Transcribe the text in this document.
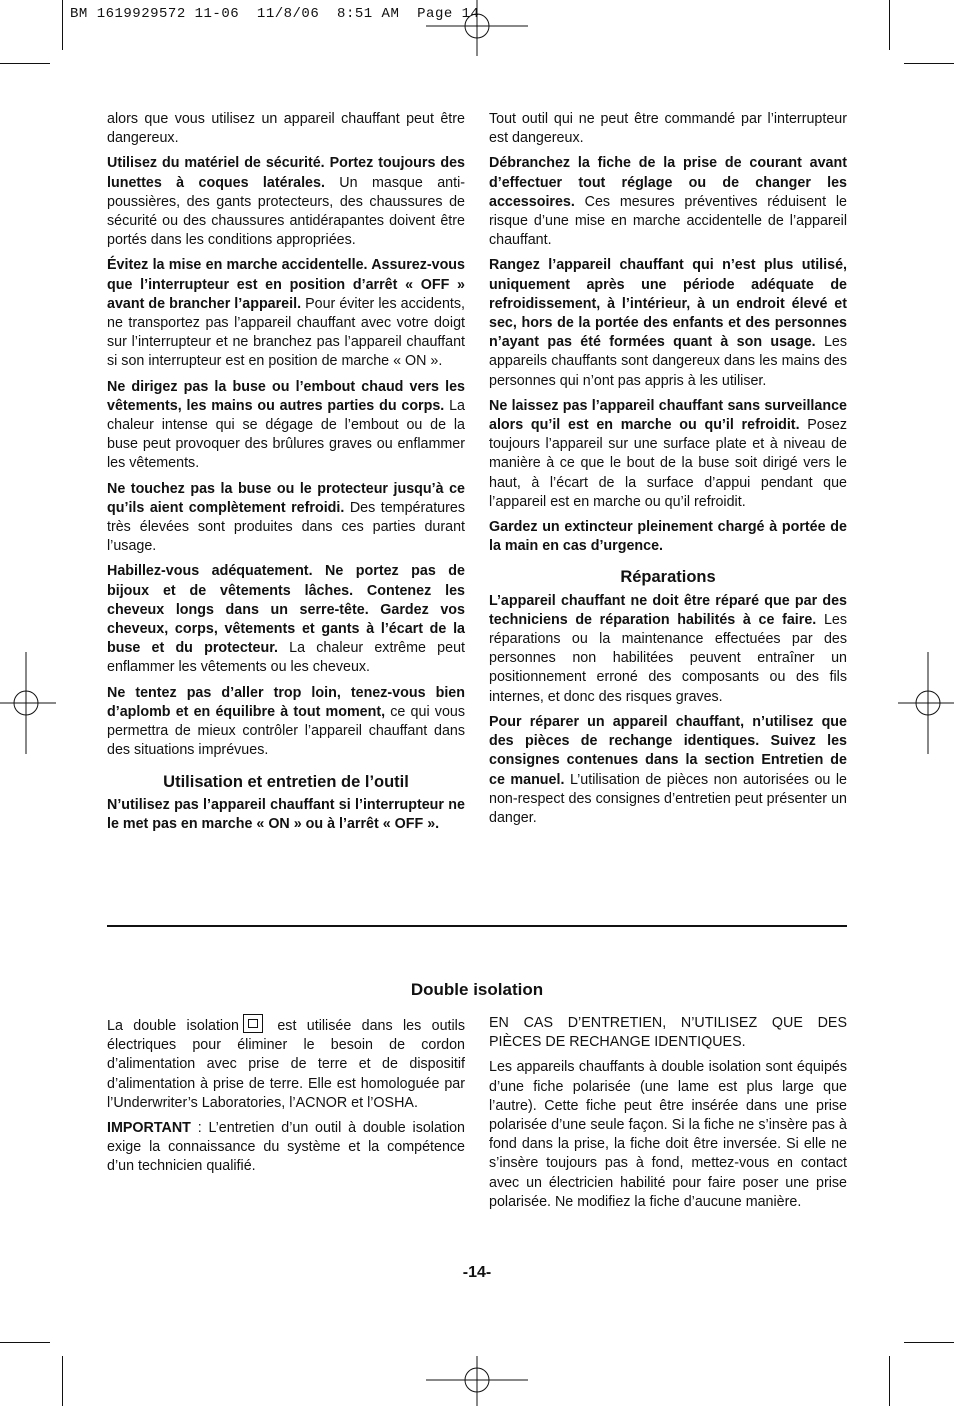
BM 1619929572 11-06  11/8/06  8:51 AM  Page 14

alors que vous utilisez un appareil chauffant peut être dangereux.

Utilisez du matériel de sécurité. Portez toujours des lunettes à coques latérales. Un masque anti-poussières, des gants protecteurs, des chaussures de sécurité ou des chaussures antidérapantes doivent être portés dans les conditions appropriées.

Évitez la mise en marche accidentelle. Assurez-vous que l’interrupteur est en position d’arrêt « OFF » avant de brancher l’appareil. Pour éviter les accidents, ne transportez pas l’appareil chauffant avec votre doigt sur l’interrupteur et ne branchez pas l’appareil chauffant si son interrupteur est en position de marche « ON ».

Ne dirigez pas la buse ou l’embout chaud vers les vêtements, les mains ou autres parties du corps. La chaleur intense qui se dégage de l’embout ou de la buse peut provoquer des brûlures graves ou enflammer les vêtements.

Ne touchez pas la buse ou le protecteur jusqu’à ce qu’ils aient complètement refroidi. Des températures très élevées sont produites dans ces parties durant l’usage.

Habillez-vous adéquatement. Ne portez pas de bijoux et de vêtements lâches. Contenez les cheveux longs dans un serre-tête. Gardez vos cheveux, corps, vêtements et gants à l’écart de la buse et du protecteur. La chaleur extrême peut enflammer les vêtements ou les cheveux.

Ne tentez pas d’aller trop loin, tenez-vous bien d’aplomb et en équilibre à tout moment, ce qui vous permettra de mieux contrôler l’appareil chauffant dans des situations imprévues.

Utilisation et entretien de l’outil

N’utilisez pas l’appareil chauffant si l’interrupteur ne le met pas en marche « ON » ou à l’arrêt « OFF ».

Tout outil qui ne peut être commandé par l’interrupteur est dangereux.

Débranchez la fiche de la prise de courant avant d’effectuer tout réglage ou de changer les accessoires. Ces mesures préventives réduisent le risque d’une mise en marche accidentelle de l’appareil chauffant.

Rangez l’appareil chauffant qui n’est plus utilisé, uniquement après une période adéquate de refroidissement, à l’intérieur, à un endroit élevé et sec, hors de la portée des enfants et des personnes n’ayant pas été formées quant à son usage. Les appareils chauffants sont dangereux dans les mains des personnes qui n’ont pas appris à les utiliser.

Ne laissez pas l’appareil chauffant sans surveillance alors qu’il est en marche ou qu’il refroidit. Posez toujours l’appareil sur une surface plate et à niveau de manière à ce que le bout de la buse soit dirigé vers le haut, à l’écart de la surface d’appui pendant que l’appareil est en marche ou qu’il refroidit.

Gardez un extincteur pleinement chargé à portée de la main en cas d’urgence.

Réparations

L’appareil chauffant ne doit être réparé que par des techniciens de réparation habilités à ce faire. Les réparations ou la maintenance effectuées par des personnes non habilitées peuvent entraîner un positionnement erroné des composants ou des fils internes, et donc des risques graves.

Pour réparer un appareil chauffant, n’utilisez que des pièces de rechange identiques. Suivez les consignes contenues dans la section Entretien de ce manuel. L’utilisation de pièces non autorisées ou le non-respect des consignes d’entretien peut présenter un danger.

Double isolation

La double isolation
est utilisée dans les outils électriques pour éliminer le besoin de cordon d’alimentation avec prise de terre et de dispositif d’alimentation à prise de terre. Elle est homologuée par l’Underwriter’s Laboratories, l’ACNOR et l’OSHA.

IMPORTANT : L’entretien d’un outil à double isolation exige la connaissance du système et la compétence d’un technicien qualifié.

EN CAS D’ENTRETIEN, N’UTILISEZ QUE DES PIÈCES DE RECHANGE IDENTIQUES.

Les appareils chauffants à double isolation sont équipés d’une fiche polarisée (une lame est plus large que l’autre). Cette fiche peut être insérée dans une prise polarisée d’une seule façon. Si la fiche ne s’insère pas à fond dans la prise, la fiche doit être inversée. Si elle ne s’insère toujours pas à fond, mettez-vous en contact avec un électricien habilité pour faire poser une prise polarisée. Ne modifiez la fiche d’aucune manière.

-14-
